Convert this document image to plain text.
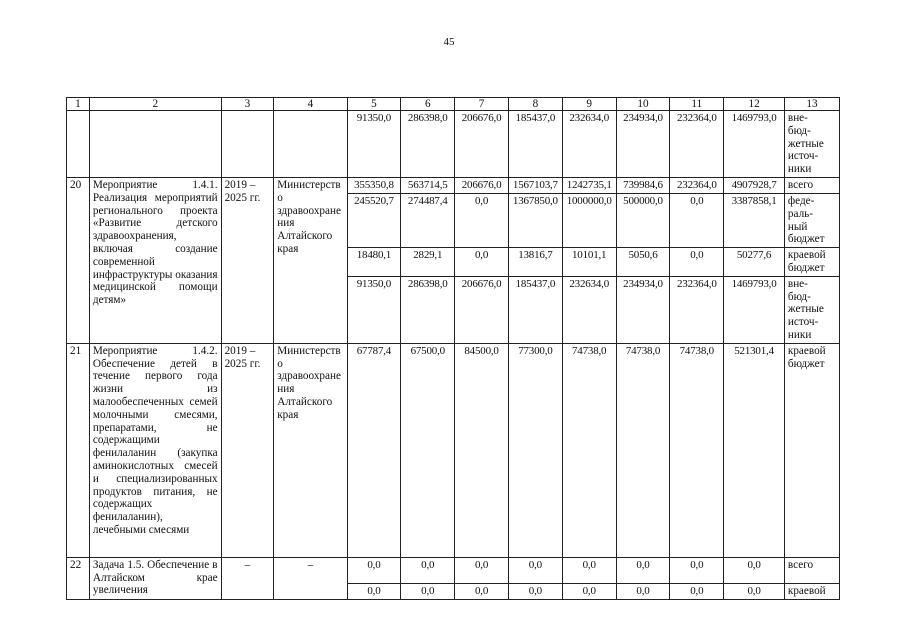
45
1	2	3	4	5	6	7	8	9	10	11	12	13
				91350,0	286398,0	206676,0	185437,0	232634,0	234934,0	232364,0	1469793,0	вне-
бюд-
жетные
источ-
ники
20	Мероприятие 1.4.1. Реализация мероприятий регионального проекта «Развитие детского здравоохранения, включая создание современной инфраструктуры оказания медицинской помощи детям»	2019 – 2025 гг.	Министерство здравоохранения Алтайского края	355350,8	563714,5	206676,0	1567103,7	1242735,1	739984,6	232364,0	4907928,7	всего
				245520,7	274487,4	0,0	1367850,0	1000000,0	500000,0	0,0	3387858,1	феде-
раль-
ный
бюджет
				18480,1	2829,1	0,0	13816,7	10101,1	5050,6	0,0	50277,6	краевой
бюджет
				91350,0	286398,0	206676,0	185437,0	232634,0	234934,0	232364,0	1469793,0	вне-
бюд-
жетные
источ-
ники
21	Мероприятие 1.4.2. Обеспечение детей в течение первого года жизни из малообеспеченных семей молочными смесями, препаратами, не содержащими фенилаланин (закупка аминокислотных смесей и специализированных продуктов питания, не содержащих фенилаланин), лечебными смесями	2019 – 2025 гг.	Министерство здравоохранения Алтайского края	67787,4	67500,0	84500,0	77300,0	74738,0	74738,0	74738,0	521301,4	краевой
бюджет
22	Задача 1.5. Обеспечение в Алтайском крае увеличения	–	–	0,0	0,0	0,0	0,0	0,0	0,0	0,0	0,0	всего
				0,0	0,0	0,0	0,0	0,0	0,0	0,0	0,0	краевой
